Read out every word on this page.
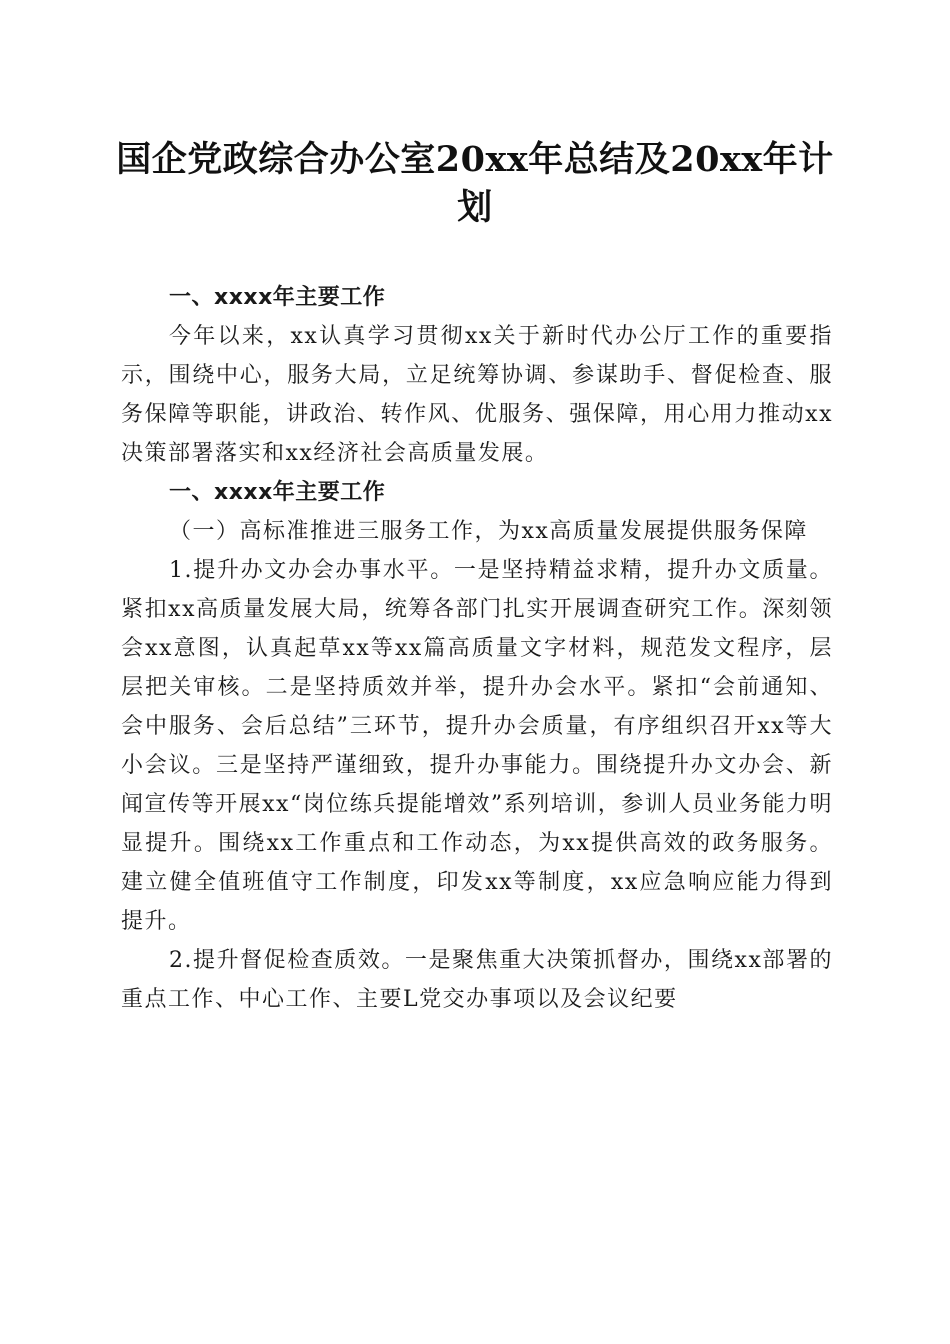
国企党政综合办公室20xx年总结及20xx年计划

一、xxxx年主要工作

今年以来，xx认真学习贯彻xx关于新时代办公厅工作的重要指示，围绕中心，服务大局，立足统筹协调、参谋助手、督促检查、服务保障等职能，讲政治、转作风、优服务、强保障，用心用力推动xx决策部署落实和xx经济社会高质量发展。

一、xxxx年主要工作

（一）高标准推进三服务工作，为xx高质量发展提供服务保障

1.提升办文办会办事水平。一是坚持精益求精，提升办文质量。紧扣xx高质量发展大局，统筹各部门扎实开展调查研究工作。深刻领会xx意图，认真起草xx等xx篇高质量文字材料，规范发文程序，层层把关审核。二是坚持质效并举，提升办会水平。紧扣“会前通知、会中服务、会后总结”三环节，提升办会质量，有序组织召开xx等大小会议。三是坚持严谨细致，提升办事能力。围绕提升办文办会、新闻宣传等开展xx“岗位练兵提能增效”系列培训，参训人员业务能力明显提升。围绕xx工作重点和工作动态，为xx提供高效的政务服务。建立健全值班值守工作制度，印发xx等制度，xx应急响应能力得到提升。

2.提升督促检查质效。一是聚焦重大决策抓督办，围绕xx部署的重点工作、中心工作、主要L党交办事项以及会议纪要
